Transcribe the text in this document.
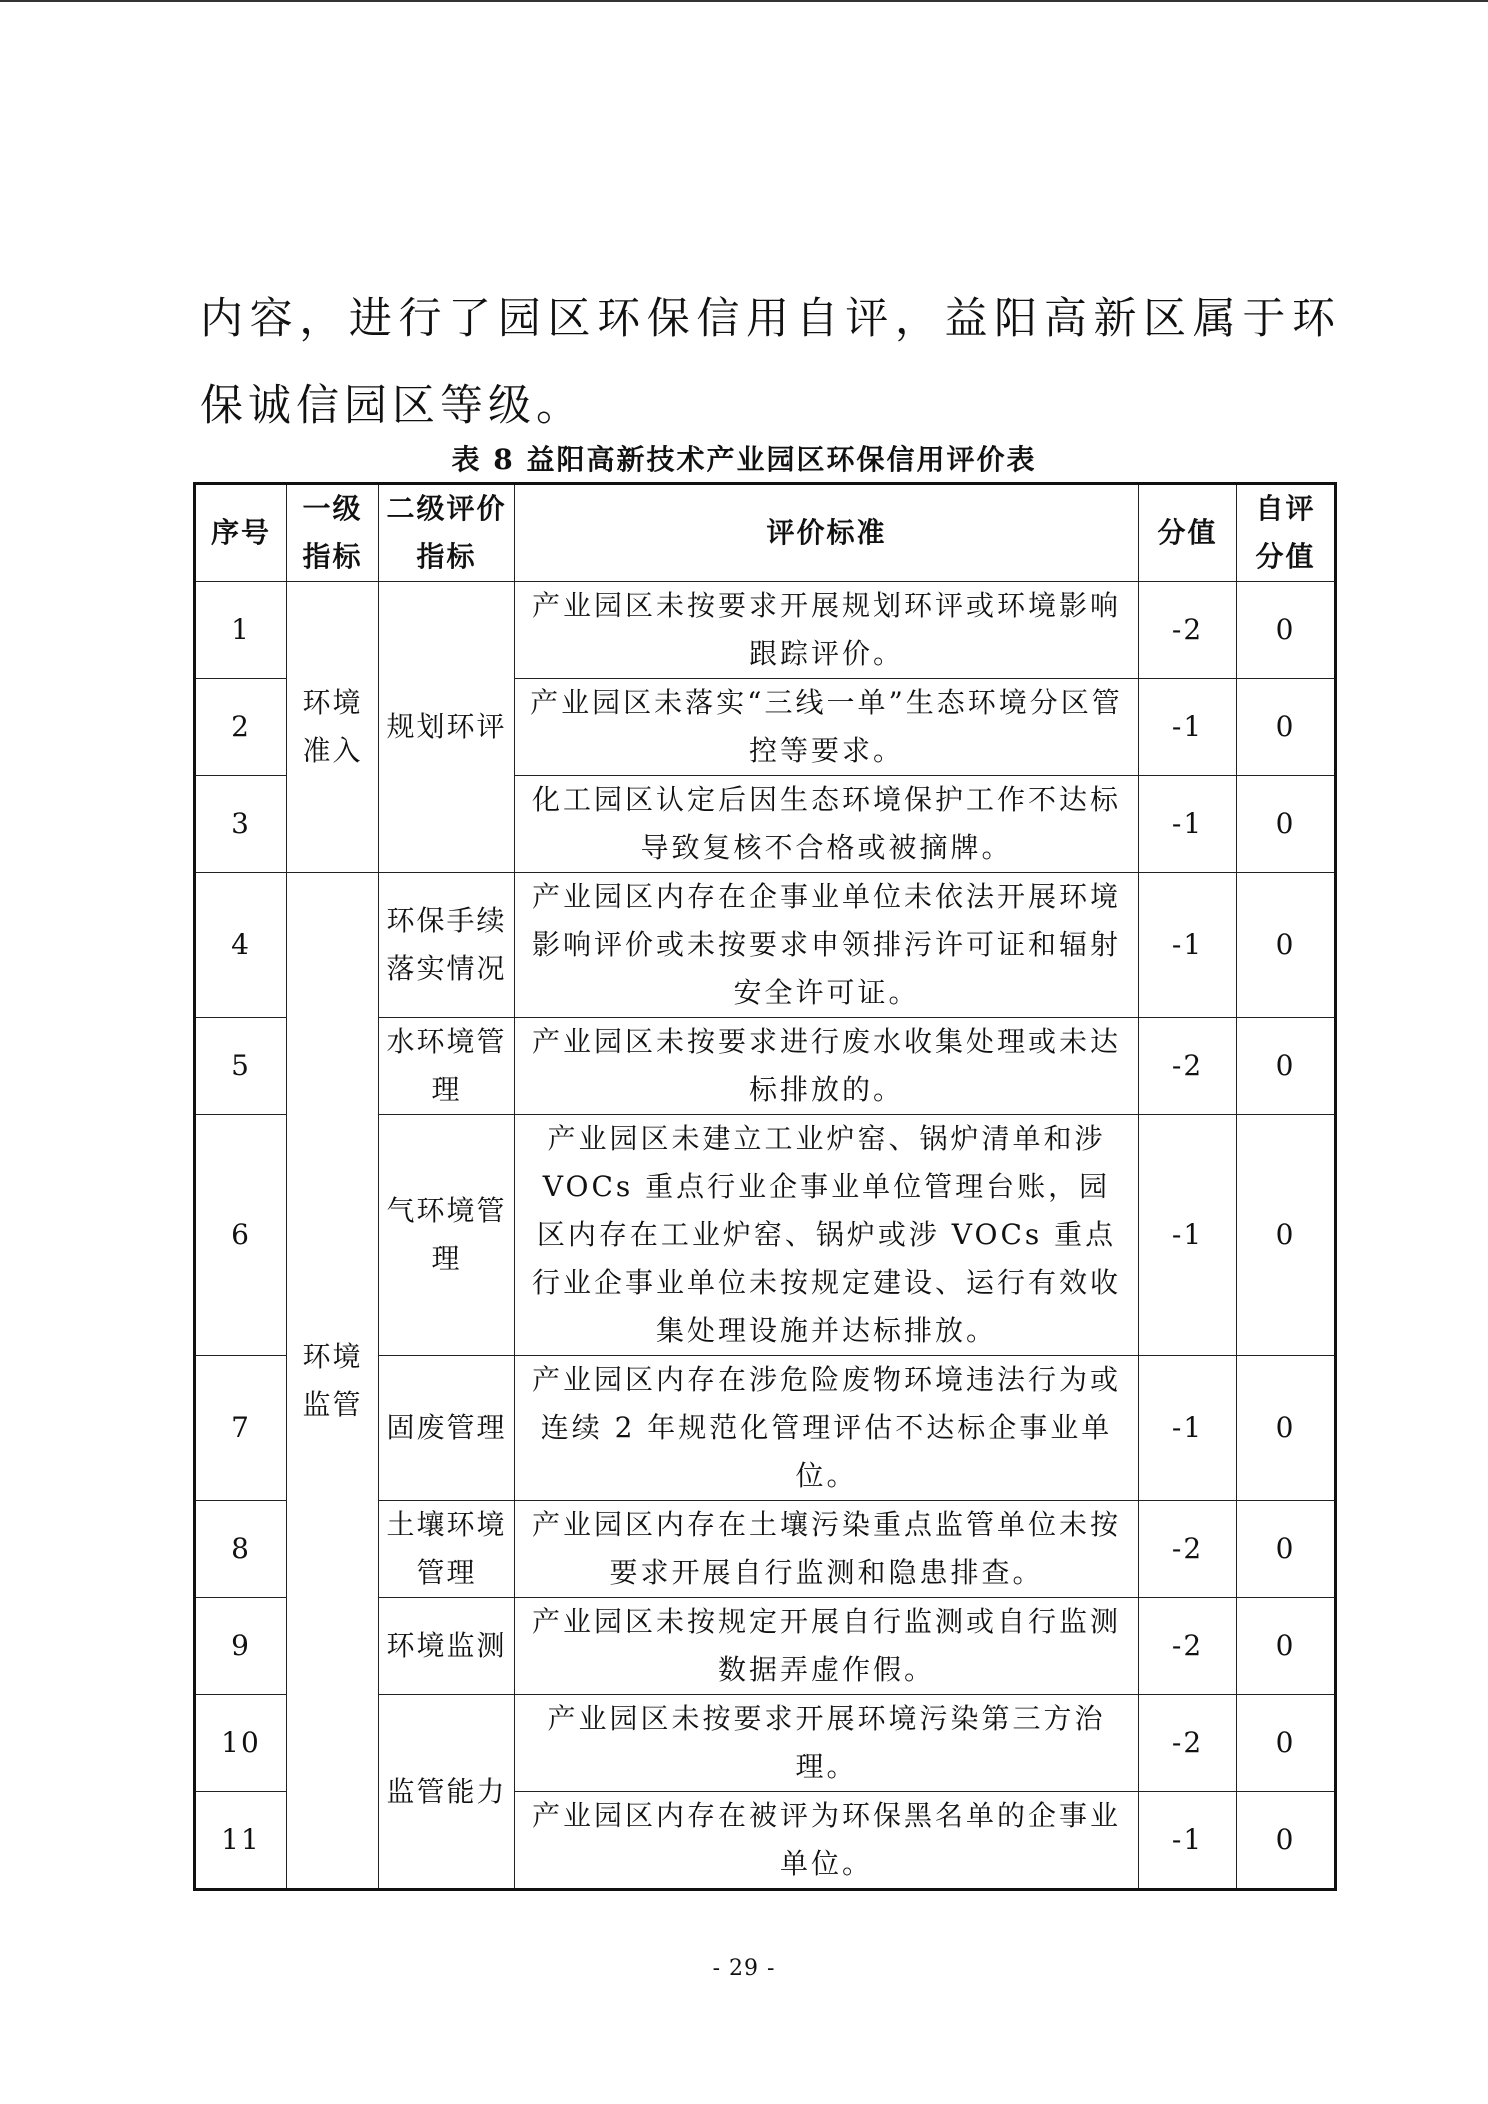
内容，进行了园区环保信用自评，益阳高新区属于环保诚信园区等级。

表 8 益阳高新技术产业园区环保信用评价表
序号	一级指标	二级评价指标	评价标准	分值	自评分值
1	环境准入	规划环评	产业园区未按要求开展规划环评或环境影响跟踪评价。	-2	0
2			产业园区未落实“三线一单”生态环境分区管控等要求。	-1	0
3			化工园区认定后因生态环境保护工作不达标导致复核不合格或被摘牌。	-1	0
4	环境监管	环保手续落实情况	产业园区内存在企事业单位未依法开展环境影响评价或未按要求申领排污许可证和辐射安全许可证。	-1	0
5		水环境管理	产业园区未按要求进行废水收集处理或未达标排放的。	-2	0
6		气环境管理	产业园区未建立工业炉窑、锅炉清单和涉VOCs 重点行业企事业单位管理台账，园区内存在工业炉窑、锅炉或涉 VOCs 重点行业企事业单位未按规定建设、运行有效收集处理设施并达标排放。	-1	0
7		固废管理	产业园区内存在涉危险废物环境违法行为或连续 2 年规范化管理评估不达标企事业单位。	-1	0
8		土壤环境管理	产业园区内存在土壤污染重点监管单位未按要求开展自行监测和隐患排查。	-2	0
9		环境监测	产业园区未按规定开展自行监测或自行监测数据弄虚作假。	-2	0
10		监管能力	产业园区未按要求开展环境污染第三方治理。	-2	0
11			产业园区内存在被评为环保黑名单的企事业单位。	-1	0
- 29 -
